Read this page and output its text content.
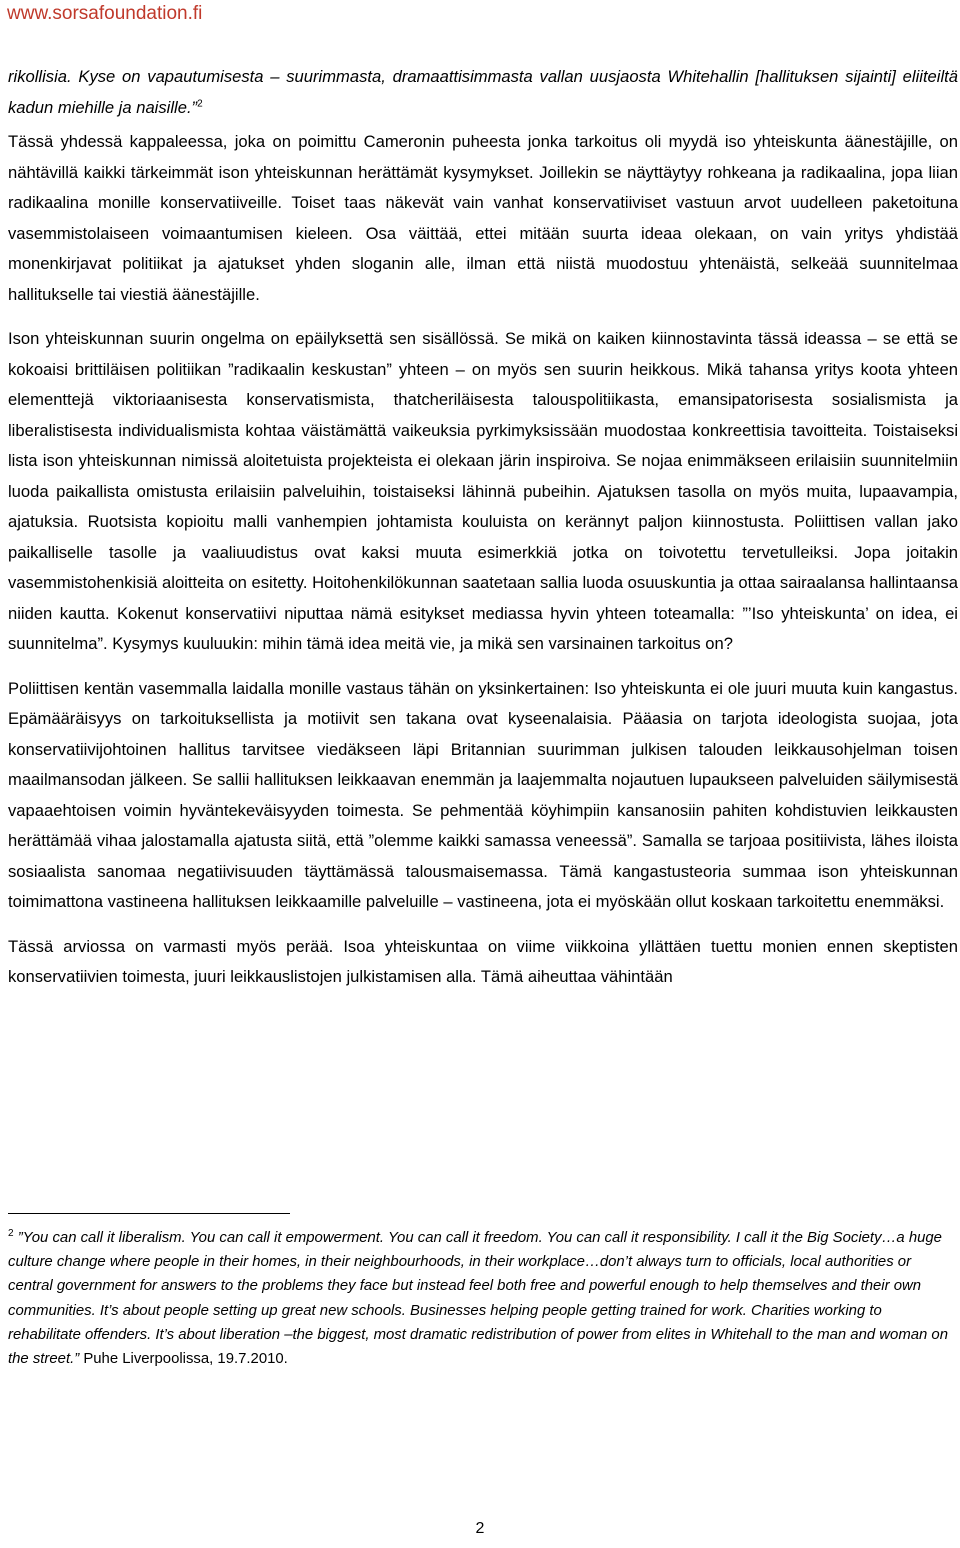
www.sorsafoundation.fi

rikollisia. Kyse on vapautumisesta – suurimmasta, dramaattisimmasta vallan uusjaosta Whitehallin [hallituksen sijainti] eliiteiltä kadun miehille ja naisille.”$^2$

Tässä yhdessä kappaleessa, joka on poimittu Cameronin puheesta jonka tarkoitus oli myydä iso yhteiskunta äänestäjille, on nähtävillä kaikki tärkeimmät ison yhteiskunnan herättämät kysymykset. Joillekin se näyttäytyy rohkeana ja radikaalina, jopa liian radikaalina monille konservatiiveille. Toiset taas näkevät vain vanhat konservatiiviset vastuun arvot uudelleen paketoituna vasemmistolaiseen voimaantumisen kieleen. Osa väittää, ettei mitään suurta ideaa olekaan, on vain yritys yhdistää monenkirjavat politiikat ja ajatukset yhden sloganin alle, ilman että niistä muodostuu yhtenäistä, selkeää suunnitelmaa hallitukselle tai viestiä äänestäjille.

Ison yhteiskunnan suurin ongelma on epäilyksettä sen sisällössä. Se mikä on kaiken kiinnostavinta tässä ideassa – se että se kokoaisi brittiläisen politiikan ”radikaalin keskustan” yhteen – on myös sen suurin heikkous. Mikä tahansa yritys koota yhteen elementtejä viktoriaanisesta konservatismista, thatcheriläisesta talouspolitiikasta, emansipatorisesta sosialismista ja liberalistisesta individualismista kohtaa väistämättä vaikeuksia pyrkimyksissään muodostaa konkreettisia tavoitteita. Toistaiseksi lista ison yhteiskunnan nimissä aloitetuista projekteista ei olekaan järin inspiroiva. Se nojaa enimmäkseen erilaisiin suunnitelmiin luoda paikallista omistusta erilaisiin palveluihin, toistaiseksi lähinnä pubeihin. Ajatuksen tasolla on myös muita, lupaavampia, ajatuksia. Ruotsista kopioitu malli vanhempien johtamista kouluista on kerännyt paljon kiinnostusta. Poliittisen vallan jako paikalliselle tasolle ja vaaliuudistus ovat kaksi muuta esimerkkiä jotka on toivotettu tervetulleiksi. Jopa joitakin vasemmistohenkisiä aloitteita on esitetty. Hoitohenkilökunnan saatetaan sallia luoda osuuskuntia ja ottaa sairaalansa hallintaansa niiden kautta. Kokenut konservatiivi niputtaa nämä esitykset mediassa hyvin yhteen toteamalla: ”’Iso yhteiskunta’ on idea, ei suunnitelma”. Kysymys kuuluukin: mihin tämä idea meitä vie, ja mikä sen varsinainen tarkoitus on?

Poliittisen kentän vasemmalla laidalla monille vastaus tähän on yksinkertainen: Iso yhteiskunta ei ole juuri muuta kuin kangastus. Epämääräisyys on tarkoituksellista ja motiivit sen takana ovat kyseenalaisia. Pääasia on tarjota ideologista suojaa, jota konservatiivijohtoinen hallitus tarvitsee viedäkseen läpi Britannian suurimman julkisen talouden leikkausohjelman toisen maailmansodan jälkeen. Se sallii hallituksen leikkaavan enemmän ja laajemmalta nojautuen lupaukseen palveluiden säilymisestä vapaaehtoisen voimin hyväntekeväisyyden toimesta. Se pehmentää köyhimpiin kansanosiin pahiten kohdistuvien leikkausten herättämää vihaa jalostamalla ajatusta siitä, että ”olemme kaikki samassa veneessä”. Samalla se tarjoaa positiivista, lähes iloista sosiaalista sanomaa negatiivisuuden täyttämässä talousmaisemassa. Tämä kangastusteoria summaa ison yhteiskunnan toimimattona vastineena hallituksen leikkaamille palveluille – vastineena, jota ei myöskään ollut koskaan tarkoitettu enemmäksi.

Tässä arviossa on varmasti myös perää. Isoa yhteiskuntaa on viime viikkoina yllättäen tuettu monien ennen skeptisten konservatiivien toimesta, juuri leikkauslistojen julkistamisen alla. Tämä aiheuttaa vähintään

$^2$ ”You can call it liberalism. You can call it empowerment. You can call it freedom. You can call it responsibility. I call it the Big Society…a huge culture change where people in their homes, in their neighbourhoods, in their workplace…don’t always turn to officials, local authorities or central government for answers to the problems they face but instead feel both free and powerful enough to help themselves and their own communities. It’s about people setting up great new schools. Businesses helping people getting trained for work. Charities working to rehabilitate offenders. It’s about liberation –the biggest, most dramatic redistribution of power from elites in Whitehall to the man and woman on the street.” Puhe Liverpoolissa, 19.7.2010.
2
